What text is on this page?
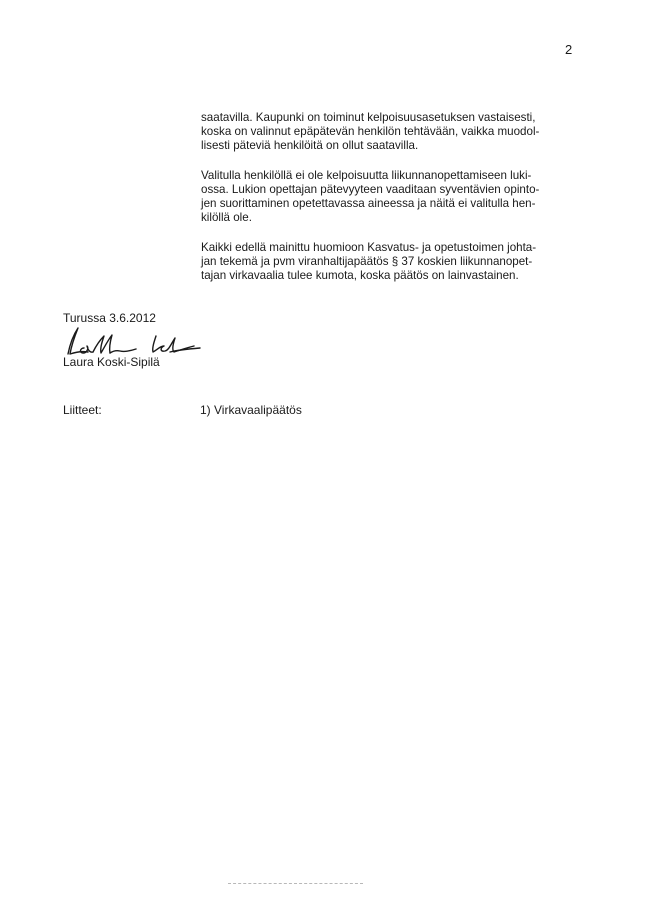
2
saatavilla. Kaupunki on toiminut kelpoisuusasetuksen vastaisesti,
koska on valinnut epäpätevän henkilön tehtävään, vaikka muodol-
lisesti päteviä henkilöitä on ollut saatavilla.
Valitulla henkilöllä ei ole kelpoisuutta liikunnanopettamiseen luki-
ossa. Lukion opettajan pätevyyteen vaaditaan syventävien opinto-
jen suorittaminen opetettavassa aineessa ja näitä ei valitulla hen-
kilöllä ole.
Kaikki edellä mainittu huomioon Kasvatus- ja opetustoimen johta-
jan tekemä ja pvm viranhaltijapäätös § 37 koskien liikunnanopet-
tajan virkavaalia tulee kumota, koska päätös on lainvastainen.
Turussa 3.6.2012
Laura Koski-Sipilä
Liitteet:	1) Virkavaalipäätös
